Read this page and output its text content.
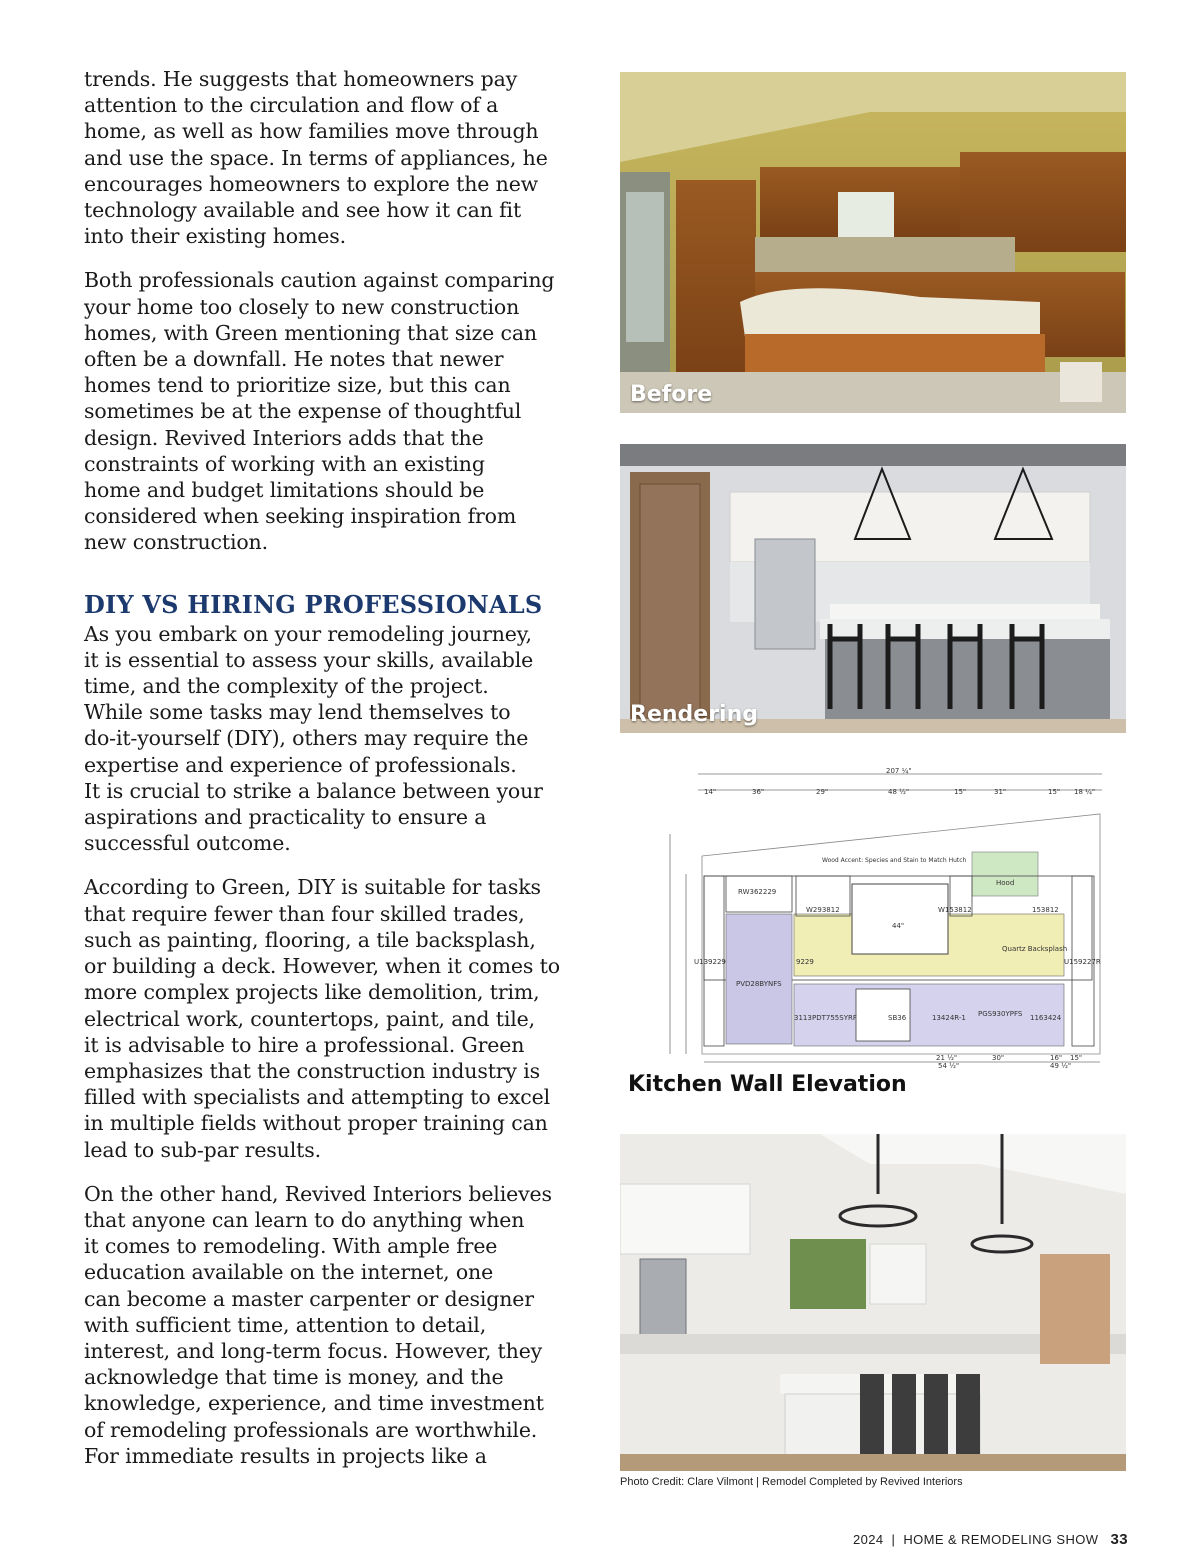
trends. He suggests that homeowners pay
attention to the circulation and flow of a
home, as well as how families move through
and use the space. In terms of appliances, he
encourages homeowners to explore the new
technology available and see how it can fit
into their existing homes.

Both professionals caution against comparing
your home too closely to new construction
homes, with Green mentioning that size can
often be a downfall. He notes that newer
homes tend to prioritize size, but this can
sometimes be at the expense of thoughtful
design. Revived Interiors adds that the
constraints of working with an existing
home and budget limitations should be
considered when seeking inspiration from
new construction.

DIY VS HIRING PROFESSIONALS

As you embark on your remodeling journey,
it is essential to assess your skills, available
time, and the complexity of the project.
While some tasks may lend themselves to
do-it-yourself (DIY), others may require the
expertise and experience of professionals.
It is crucial to strike a balance between your
aspirations and practicality to ensure a
successful outcome.

According to Green, DIY is suitable for tasks
that require fewer than four skilled trades,
such as painting, flooring, a tile backsplash,
or building a deck. However, when it comes to
more complex projects like demolition, trim,
electrical work, countertops, paint, and tile,
it is advisable to hire a professional. Green
emphasizes that the construction industry is
filled with specialists and attempting to excel
in multiple fields without proper training can
lead to sub-par results.

On the other hand, Revived Interiors believes
that anyone can learn to do anything when
it comes to remodeling. With ample free
education available on the internet, one
can become a master carpenter or designer
with sufficient time, attention to detail,
interest, and long-term focus. However, they
acknowledge that time is money, and the
knowledge, experience, and time investment
of remodeling professionals are worthwhile.
For immediate results in projects like a

Before
Rendering
207 ¼"
14"	36"	29"	48 ½"	15"	31"	15" 18 ¼"
Wood Accent: Species and Stain to Match Hutch
Hood
44"
Quartz Backsplash
RW362229
W293812	W153812	153812
U139229	9229	U159227R
PVD28BYNFS
3113 PDT755SYRF	SB36	13424R-1 PGS930YPFS 1163424
21 ½"	30"	16" 15"
54 ½"	49 ½"
Kitchen Wall Elevation
Photo Credit: Clare Vilmont | Remodel Completed by Revived Interiors
2024 | HOME & REMODELING SHOW 33
